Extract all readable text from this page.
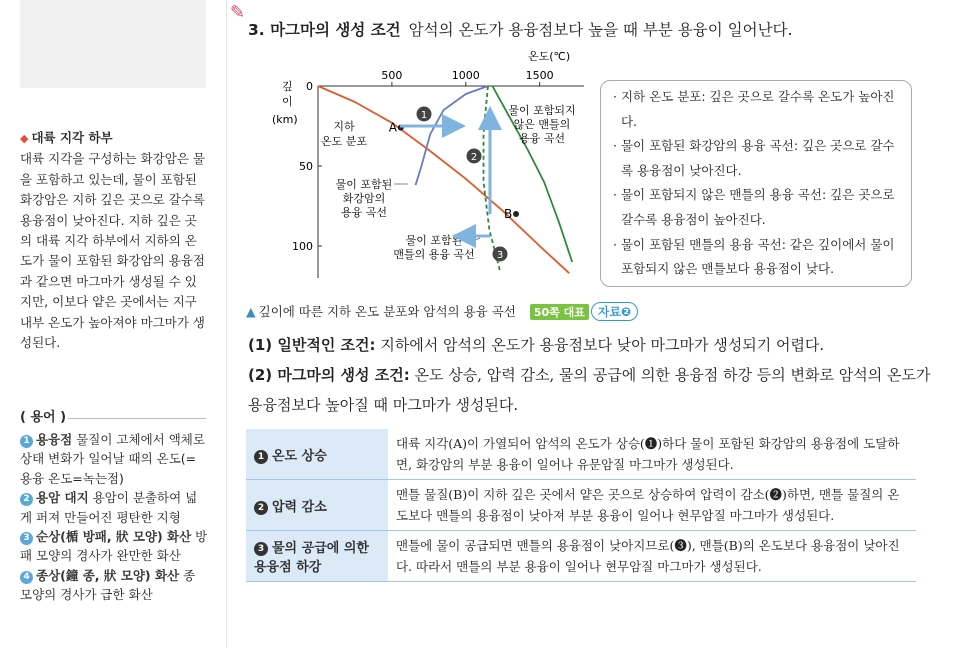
◆ 대륙 지각 하부
대륙 지각을 구성하는 화강암은 물을 포함하고 있는데, 물이 포함된 화강암은 지하 깊은 곳으로 갈수록 용융점이 낮아진다. 지하 깊은 곳의 대륙 지각 하부에서 지하의 온도가 물이 포함된 화강암의 용융점과 같으면 마그마가 생성될 수 있지만, 이보다 얕은 곳에서는 지구 내부 온도가 높아져야 마그마가 생성된다.
( 용어 )
1 용융점 물질이 고체에서 액체로 상태 변화가 일어날 때의 온도(=용융 온도=녹는점)
2 용암 대지 용암이 분출하여 넓게 퍼져 만들어진 평탄한 지형
3 순상(楯 방패, 狀 모양) 화산 방패 모양의 경사가 완만한 화산
4 종상(鐘 종, 狀 모양) 화산 종 모양의 경사가 급한 화산
✎
3. 마그마의 생성 조건 암석의 온도가 용융점보다 높을 때 부분 용융이 일어난다.
500	1000	1500
0
50
100
A
B
온도(℃)
깊
이
(km)
지하
온도 분포
물이 포함된
화강암의
용융 곡선
물이 포함되지
않은 맨틀의
용융 곡선
물이 포함된
맨틀의 용융 곡선
1
2
3
· 지하 온도 분포: 깊은 곳으로 갈수록 온도가 높아진다.
· 물이 포함된 화강암의 용융 곡선: 깊은 곳으로 갈수록 용융점이 낮아진다.
· 물이 포함되지 않은 맨틀의 용융 곡선: 깊은 곳으로 갈수록 용융점이 높아진다.
· 물이 포함된 맨틀의 용융 곡선: 같은 깊이에서 물이 포함되지 않은 맨틀보다 용융점이 낮다.
▲ 깊이에 따른 지하 온도 분포와 암석의 용융 곡선 50쪽 대표 자료❷
(1) 일반적인 조건: 지하에서 암석의 온도가 용융점보다 낮아 마그마가 생성되기 어렵다.
(2) 마그마의 생성 조건: 온도 상승, 압력 감소, 물의 공급에 의한 용융점 하강 등의 변화로 암석의 온도가 용융점보다 높아질 때 마그마가 생성된다.
1 온도 상승	대륙 지각(A)이 가열되어 암석의 온도가 상승(❶)하다 물이 포함된 화강암의 용융점에 도달하면, 화강암의 부분 용융이 일어나 유문암질 마그마가 생성된다.
2 압력 감소	맨틀 물질(B)이 지하 깊은 곳에서 얕은 곳으로 상승하여 압력이 감소(❷)하면, 맨틀 물질의 온도보다 맨틀의 용융점이 낮아져 부분 용융이 일어나 현무암질 마그마가 생성된다.
3 물의 공급에 의한 용융점 하강	맨틀에 물이 공급되면 맨틀의 용융점이 낮아지므로(❸), 맨틀(B)의 온도보다 용융점이 낮아진다. 따라서 맨틀의 부분 용융이 일어나 현무암질 마그마가 생성된다.
